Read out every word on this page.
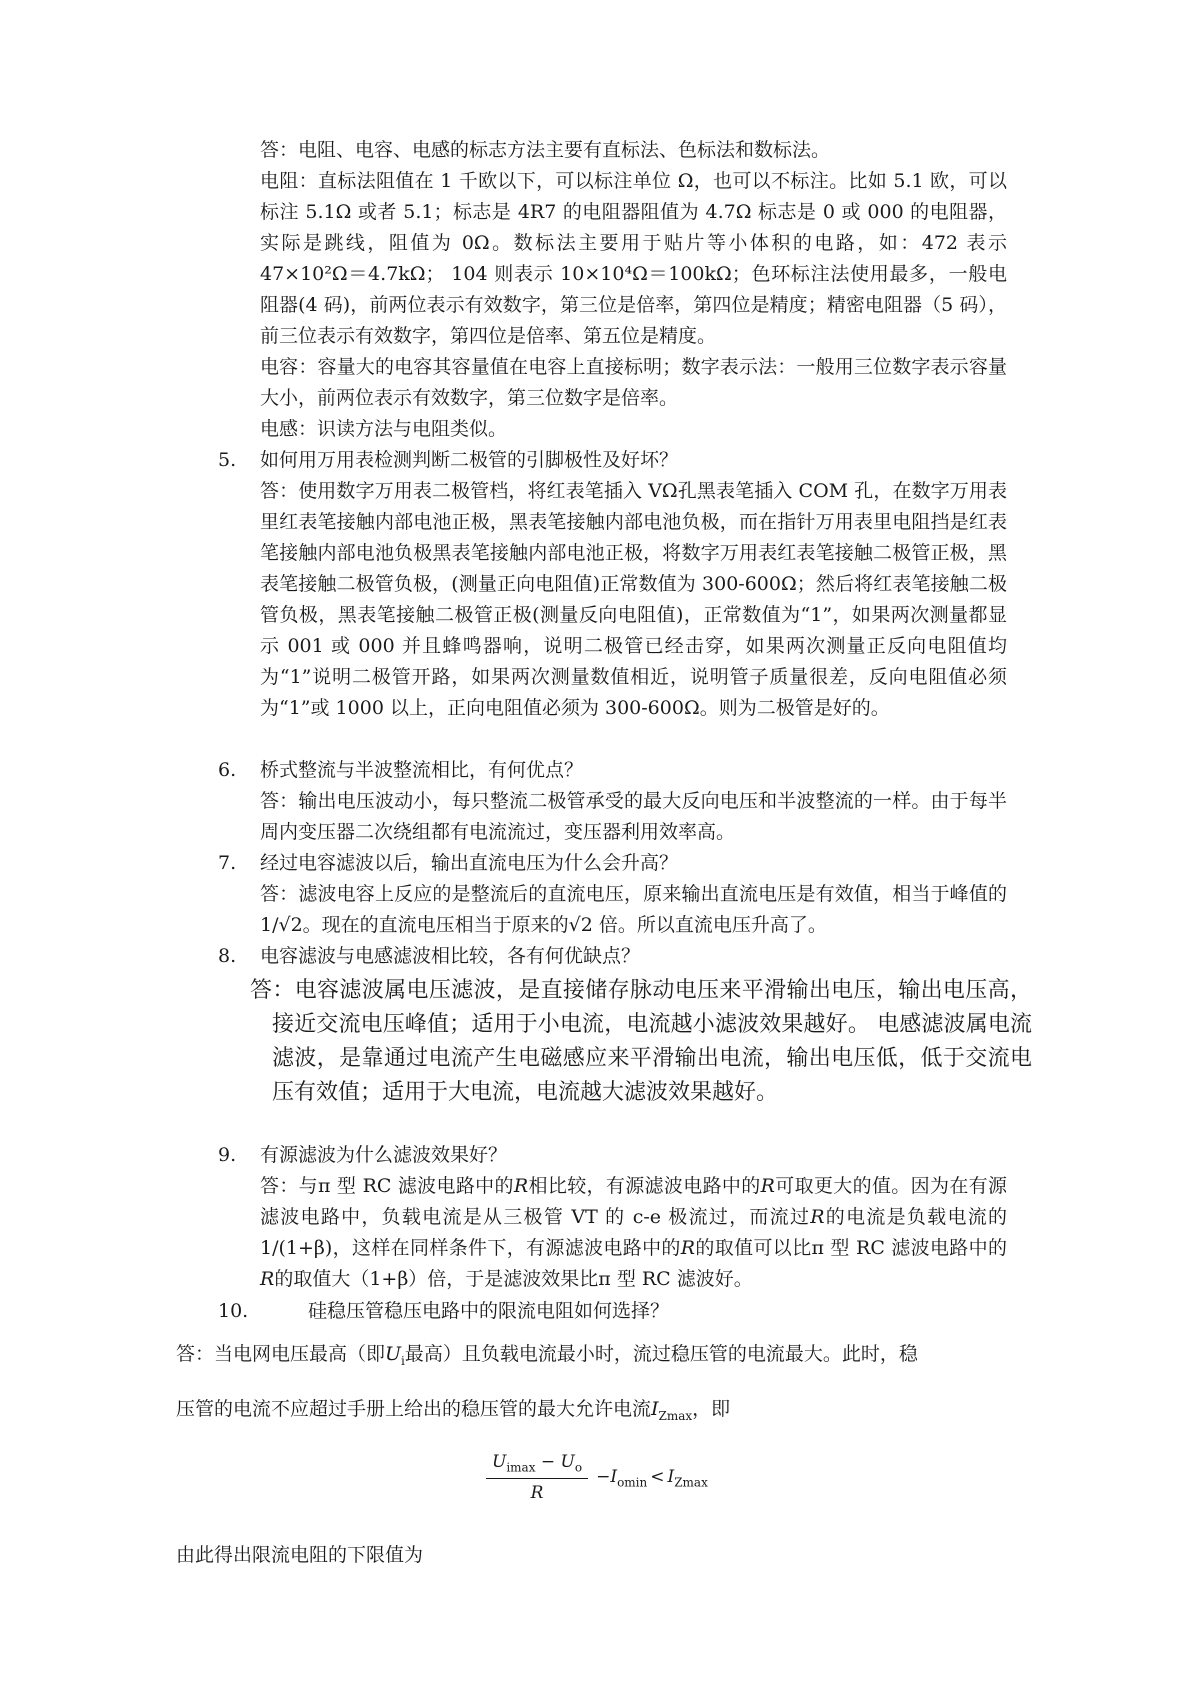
答：电阻、电容、电感的标志方法主要有直标法、色标法和数标法。
电阻：直标法阻值在 1 千欧以下，可以标注单位 Ω，也可以不标注。比如 5.1 欧，可以标注 5.1Ω 或者 5.1；标志是 4R7 的电阻器阻值为 4.7Ω 标志是 0 或 000 的电阻器，实际是跳线，阻值为 0Ω。数标法主要用于贴片等小体积的电路，如：472 表示 47×10²Ω＝4.7kΩ； 104 则表示 10×10⁴Ω＝100kΩ；色环标注法使用最多，一般电阻器(4 码)，前两位表示有效数字，第三位是倍率，第四位是精度；精密电阻器（5 码），前三位表示有效数字，第四位是倍率、第五位是精度。
电容：容量大的电容其容量值在电容上直接标明；数字表示法：一般用三位数字表示容量大小，前两位表示有效数字，第三位数字是倍率。
电感：识读方法与电阻类似。
5. 如何用万用表检测判断二极管的引脚极性及好坏？
答：使用数字万用表二极管档，将红表笔插入 VΩ孔黑表笔插入 COM 孔，在数字万用表里红表笔接触内部电池正极，黑表笔接触内部电池负极，而在指针万用表里电阻挡是红表笔接触内部电池负极黑表笔接触内部电池正极，将数字万用表红表笔接触二极管正极，黑表笔接触二极管负极，(测量正向电阻值)正常数值为 300-600Ω；然后将红表笔接触二极管负极，黑表笔接触二极管正极(测量反向电阻值)，正常数值为“1”，如果两次测量都显示 001 或 000 并且蜂鸣器响，说明二极管已经击穿，如果两次测量正反向电阻值均为“1”说明二极管开路，如果两次测量数值相近，说明管子质量很差，反向电阻值必须为“1”或 1000 以上，正向电阻值必须为 300-600Ω。则为二极管是好的。
6. 桥式整流与半波整流相比，有何优点？
答：输出电压波动小，每只整流二极管承受的最大反向电压和半波整流的一样。由于每半周内变压器二次绕组都有电流流过，变压器利用效率高。
7. 经过电容滤波以后，输出直流电压为什么会升高？
答：滤波电容上反应的是整流后的直流电压，原来输出直流电压是有效值，相当于峰值的 1/√2。现在的直流电压相当于原来的√2 倍。所以直流电压升高了。
8. 电容滤波与电感滤波相比较，各有何优缺点？
答：电容滤波属电压滤波，是直接储存脉动电压来平滑输出电压，输出电压高，接近交流电压峰值；适用于小电流，电流越小滤波效果越好。 电感滤波属电流滤波，是靠通过电流产生电磁感应来平滑输出电流，输出电压低，低于交流电压有效值；适用于大电流，电流越大滤波效果越好。
9. 有源滤波为什么滤波效果好？
答：与π 型 RC 滤波电路中的R相比较，有源滤波电路中的R可取更大的值。因为在有源滤波电路中，负载电流是从三极管 VT 的 c-e 极流过，而流过R的电流是负载电流的1/(1+β)，这样在同样条件下，有源滤波电路中的R的取值可以比π 型 RC 滤波电路中的R的取值大（1+β）倍，于是滤波效果比π 型 RC 滤波好。
10.	硅稳压管稳压电路中的限流电阻如何选择？
答：当电网电压最高（即$U_i$最高）且负载电流最小时，流过稳压管的电流最大。此时，稳
压管的电流不应超过手册上给出的稳压管的最大允许电流$I_{Zmax}$，即
$\frac{U_{imax} - U_o}{R} -I_{omin} < I_{Zmax}$
由此得出限流电阻的下限值为
